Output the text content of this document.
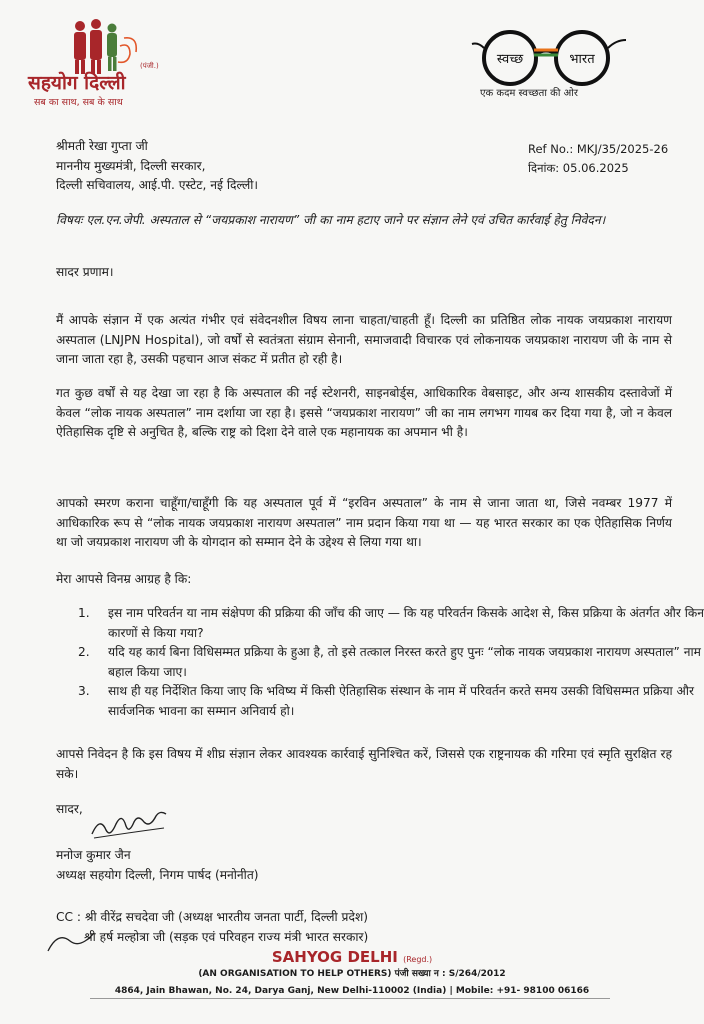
सहयोग दिल्ली
(पंजी.)
सब का साथ, सब के साथ
स्वच्छ	भारत
एक कदम स्वच्छता की ओर
श्रीमती रेखा गुप्ता जी
माननीय मुख्यमंत्री, दिल्ली सरकार,
दिल्ली सचिवालय, आई.पी. एस्टेट, नई दिल्ली।
Ref No.: MKJ/35/2025-26
दिनांक: 05.06.2025
विषयः एल.एन.जेपी. अस्पताल से “जयप्रकाश नारायण” जी का नाम हटाए जाने पर संज्ञान लेने एवं उचित कार्रवाई हेतु निवेदन।
सादर प्रणाम।
मैं आपके संज्ञान में एक अत्यंत गंभीर एवं संवेदनशील विषय लाना चाहता/चाहती हूँ। दिल्ली का प्रतिष्ठित लोक नायक जयप्रकाश नारायण अस्पताल (LNJPN Hospital), जो वर्षों से स्वतंत्रता संग्राम सेनानी, समाजवादी विचारक एवं लोकनायक जयप्रकाश नारायण जी के नाम से जाना जाता रहा है, उसकी पहचान आज संकट में प्रतीत हो रही है।
गत कुछ वर्षों से यह देखा जा रहा है कि अस्पताल की नई स्टेशनरी, साइनबोर्ड्स, आधिकारिक वेबसाइट, और अन्य शासकीय दस्तावेजों में केवल “लोक नायक अस्पताल” नाम दर्शाया जा रहा है। इससे “जयप्रकाश नारायण” जी का नाम लगभग गायब कर दिया गया है, जो न केवल ऐतिहासिक दृष्टि से अनुचित है, बल्कि राष्ट्र को दिशा देने वाले एक महानायक का अपमान भी है।
आपको स्मरण कराना चाहूँगा/चाहूँगी कि यह अस्पताल पूर्व में “इरविन अस्पताल” के नाम से जाना जाता था, जिसे नवम्बर 1977 में आधिकारिक रूप से “लोक नायक जयप्रकाश नारायण अस्पताल” नाम प्रदान किया गया था — यह भारत सरकार का एक ऐतिहासिक निर्णय था जो जयप्रकाश नारायण जी के योगदान को सम्मान देने के उद्देश्य से लिया गया था।
मेरा आपसे विनम्र आग्रह है कि:
1. इस नाम परिवर्तन या नाम संक्षेपण की प्रक्रिया की जाँच की जाए — कि यह परिवर्तन किसके आदेश से, किस प्रक्रिया के अंतर्गत और किन कारणों से किया गया?
2. यदि यह कार्य बिना विधिसम्मत प्रक्रिया के हुआ है, तो इसे तत्काल निरस्त करते हुए पुनः “लोक नायक जयप्रकाश नारायण अस्पताल” नाम बहाल किया जाए।
3. साथ ही यह निर्देशित किया जाए कि भविष्य में किसी ऐतिहासिक संस्थान के नाम में परिवर्तन करते समय उसकी विधिसम्मत प्रक्रिया और सार्वजनिक भावना का सम्मान अनिवार्य हो।
आपसे निवेदन है कि इस विषय में शीघ्र संज्ञान लेकर आवश्यक कार्रवाई सुनिश्चित करें, जिससे एक राष्ट्रनायक की गरिमा एवं स्मृति सुरक्षित रह सके।
सादर,
मनोज कुमार जैन
अध्यक्ष सहयोग दिल्ली, निगम पार्षद (मनोनीत)
CC : श्री वीरेंद्र सचदेवा जी (अध्यक्ष भारतीय जनता पार्टी, दिल्ली प्रदेश)
श्री हर्ष मल्होत्रा जी (सड़क एवं परिवहन राज्य मंत्री भारत सरकार)
SAHYOG DELHI (Regd.)
(AN ORGANISATION TO HELP OTHERS) पंजी सख्या न : S/264/2012
4864, Jain Bhawan, No. 24, Darya Ganj, New Delhi-110002 (India) | Mobile: +91- 98100 06166
